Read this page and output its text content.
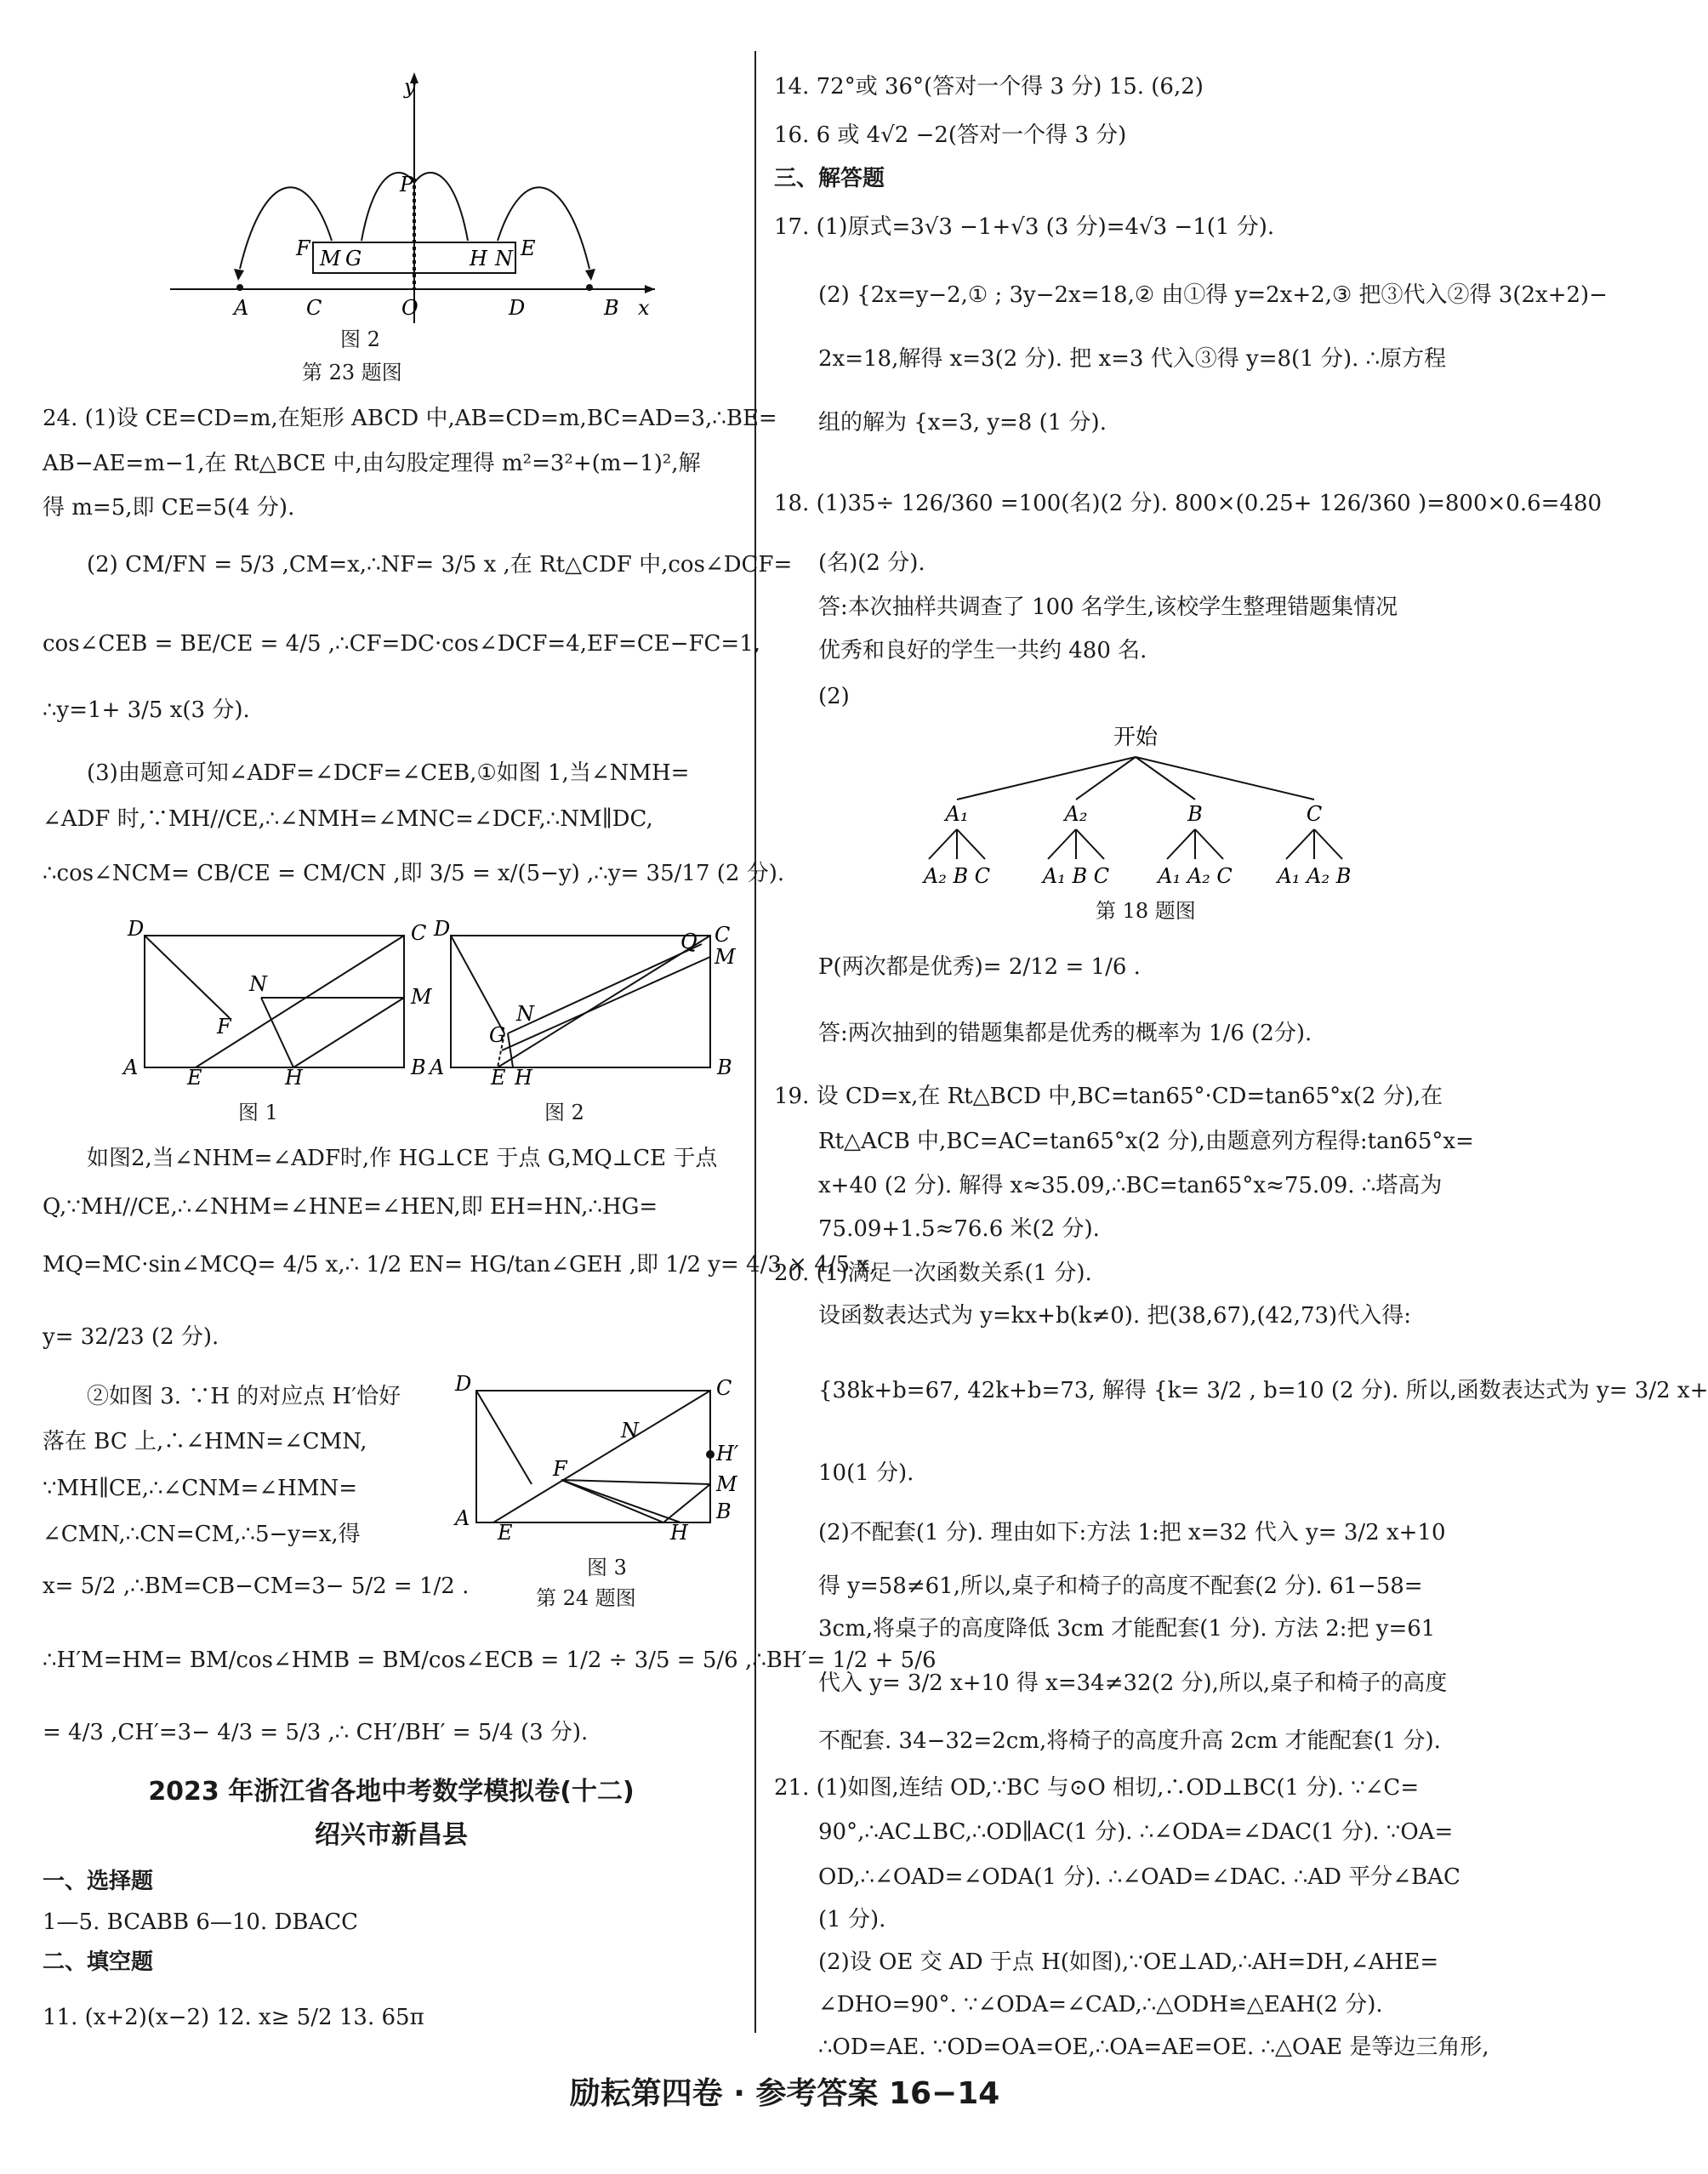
y
P
F M G	H N E
A	C	O	D	B x
图 2
第 23 题图
24. (1)设 CE=CD=m,在矩形 ABCD 中,AB=CD=m,BC=AD=3,∴BE=
AB−AE=m−1,在 Rt△BCE 中,由勾股定理得 m²=3²+(m−1)²,解
得 m=5,即 CE=5(4 分).
(2) CM/FN = 5/3 ,CM=x,∴NF= 3/5 x ,在 Rt△CDF 中,cos∠DCF=
cos∠CEB = BE/CE = 4/5 ,∴CF=DC·cos∠DCF=4,EF=CE−FC=1,
∴y=1+ 3/5 x(3 分).
(3)由题意可知∠ADF=∠DCF=∠CEB,①如图 1,当∠NMH=
∠ADF 时,∵MH//CE,∴∠NMH=∠MNC=∠DCF,∴NM∥DC,
∴cos∠NCM= CB/CE = CM/CN ,即 3/5 = x/(5−y) ,∴y= 35/17 (2 分).
D	C
N
M
F
A E	H	B
图 1
D
Q C
M
N
G
A E H	B
图 2
如图2,当∠NHM=∠ADF时,作 HG⊥CE 于点 G,MQ⊥CE 于点
Q,∵MH//CE,∴∠NHM=∠HNE=∠HEN,即 EH=HN,∴HG=
MQ=MC·sin∠MCQ= 4/5 x,∴ 1/2 EN= HG/tan∠GEH ,即 1/2 y= 4/3 × 4/5 x,
y= 32/23 (2 分).
②如图 3. ∵H 的对应点 H′恰好
落在 BC 上,∴∠HMN=∠CMN,
∵MH∥CE,∴∠CNM=∠HMN=
∠CMN,∴CN=CM,∴5−y=x,得
x= 5/2 ,∴BM=CB−CM=3− 5/2 = 1/2 .
D	C
N
H′
F
M
A
E	H
B
图 3
第 24 题图
∴H′M=HM= BM/cos∠HMB = BM/cos∠ECB = 1/2 ÷ 3/5 = 5/6 ,∴BH′= 1/2 + 5/6
= 4/3 ,CH′=3− 4/3 = 5/3 ,∴ CH′/BH′ = 5/4 (3 分).
2023 年浙江省各地中考数学模拟卷(十二)
绍兴市新昌县
一、选择题
1—5. BCABB 6—10. DBACC
二、填空题
11. (x+2)(x−2) 12. x≥ 5/2 13. 65π
14. 72°或 36°(答对一个得 3 分) 15. (6,2)
16. 6 或 4√2 −2(答对一个得 3 分)
三、解答题
17. (1)原式=3√3 −1+√3 (3 分)=4√3 −1(1 分).
(2) {2x=y−2,① ; 3y−2x=18,② 由①得 y=2x+2,③ 把③代入②得 3(2x+2)−
2x=18,解得 x=3(2 分). 把 x=3 代入③得 y=8(1 分). ∴原方程
组的解为 {x=3, y=8 (1 分).
18. (1)35÷ 126/360 =100(名)(2 分). 800×(0.25+ 126/360 )=800×0.6=480
(名)(2 分).
答:本次抽样共调查了 100 名学生,该校学生整理错题集情况
优秀和良好的学生一共约 480 名.
(2)
开始
A₁	A₂	B	C
A₂ B C	A₁ B C A₁ A₂ C A₁ A₂ B
第 18 题图
P(两次都是优秀)= 2/12 = 1/6 .
答:两次抽到的错题集都是优秀的概率为 1/6 (2分).
19. 设 CD=x,在 Rt△BCD 中,BC=tan65°·CD=tan65°x(2 分),在
Rt△ACB 中,BC=AC=tan65°x(2 分),由题意列方程得:tan65°x=
x+40 (2 分). 解得 x≈35.09,∴BC=tan65°x≈75.09. ∴塔高为
75.09+1.5≈76.6 米(2 分).
20. (1)满足一次函数关系(1 分).
设函数表达式为 y=kx+b(k≠0). 把(38,67),(42,73)代入得:
{38k+b=67, 42k+b=73, 解得 {k= 3/2 , b=10 (2 分). 所以,函数表达式为 y= 3/2 x+
10(1 分).
(2)不配套(1 分). 理由如下:方法 1:把 x=32 代入 y= 3/2 x+10
得 y=58≠61,所以,桌子和椅子的高度不配套(2 分). 61−58=
3cm,将桌子的高度降低 3cm 才能配套(1 分). 方法 2:把 y=61
代入 y= 3/2 x+10 得 x=34≠32(2 分),所以,桌子和椅子的高度
不配套. 34−32=2cm,将椅子的高度升高 2cm 才能配套(1 分).
21. (1)如图,连结 OD,∵BC 与⊙O 相切,∴OD⊥BC(1 分). ∵∠C=
90°,∴AC⊥BC,∴OD∥AC(1 分). ∴∠ODA=∠DAC(1 分). ∵OA=
OD,∴∠OAD=∠ODA(1 分). ∴∠OAD=∠DAC. ∴AD 平分∠BAC
(1 分).
(2)设 OE 交 AD 于点 H(如图),∵OE⊥AD,∴AH=DH,∠AHE=
∠DHO=90°. ∵∠ODA=∠CAD,∴△ODH≌△EAH(2 分).
∴OD=AE. ∵OD=OA=OE,∴OA=AE=OE. ∴△OAE 是等边三角形,
励耘第四卷 · 参考答案 16−14
